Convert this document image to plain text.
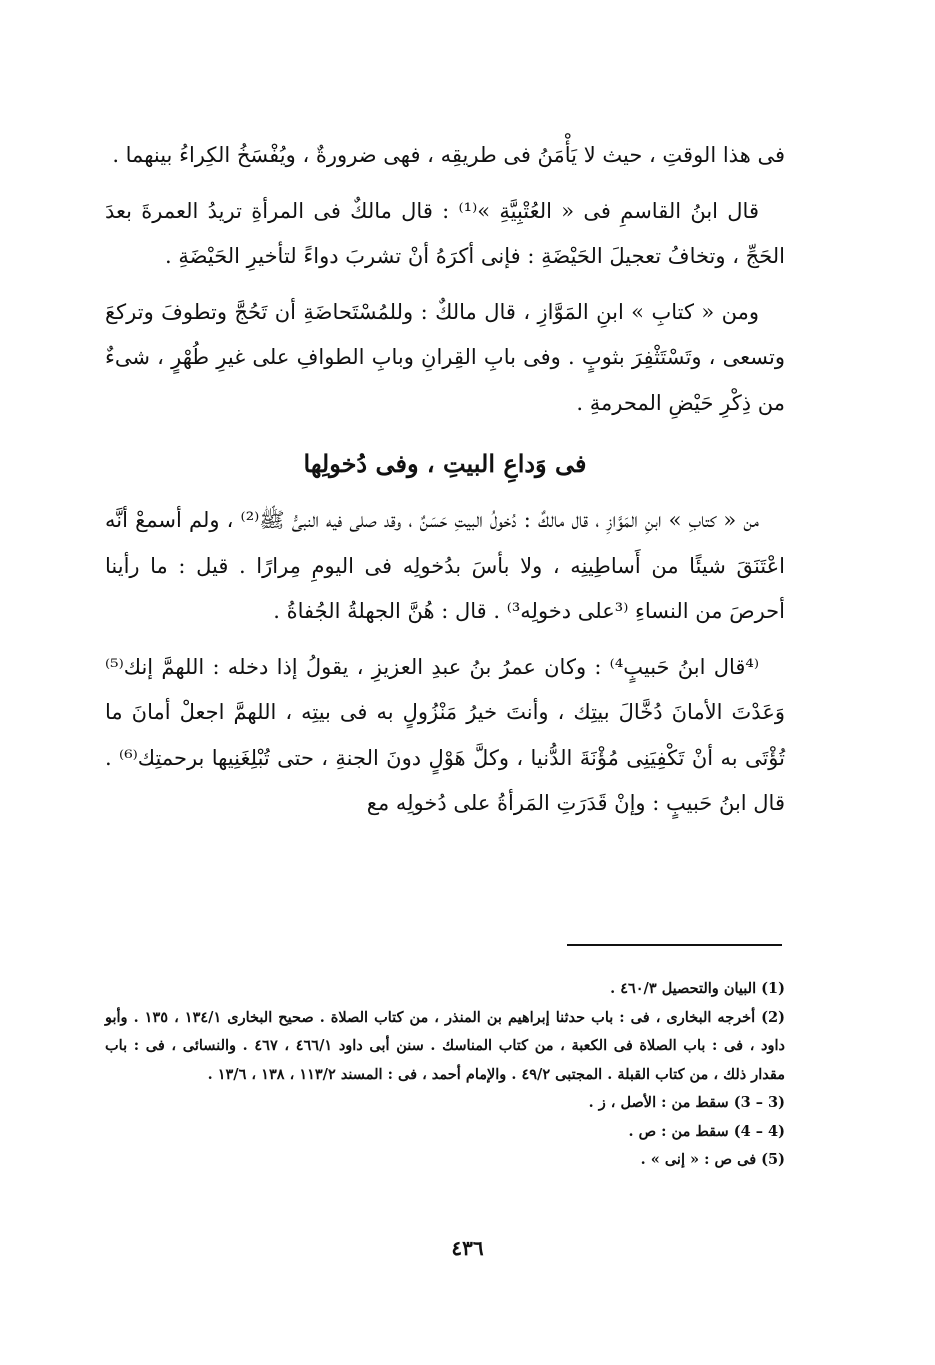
فى هذا الوقتِ ، حيث لا يَأْمَنُ فى طريقِه ، فهى ضرورةٌ ، ويُفْسَخُ الكِراءُ بينهما .

قال ابنُ القاسمِ فى « العُتْبِيَّةِ »⁽¹⁾ : قال مالكٌ فى المرأةِ تريدُ العمرةَ بعدَ الحَجِّ ، وتخافُ تعجيلَ الحَيْضَةِ : فإنى أكرَهُ أنْ تشربَ دواءً لتأخيرِ الحَيْضَةِ .

ومن « كتابِ » ابنِ المَوَّازِ ، قال مالكٌ : وللمُسْتَحاضَةِ أن تَحُجَّ وتطوفَ وتركعَ وتسعى ، وتَسْتَثْفِرَ بثوبٍ . وفى بابِ القِرانِ وبابِ الطوافِ على غيرِ طُهْرٍ ، شىءٌ من ذِكْرِ حَيْضِ المحرمةِ .

فى وَداعِ البيتِ ، وفى دُخولِها

من « كتابِ » ابنِ المَوَّازِ ، قال مالكٌ : دُخولُ البيتِ حَسَنٌ ، وقد صلى فيه النبىُّ ﷺ⁽²⁾ ، ولم أسمعْ أنَّه اعْتَنَقَ شيئًا من أَساطِينِه ، ولا بأسَ بدُخولِه فى اليومِ مِرارًا . قيل : ما رأينا أحرصَ من النساءِ ⁽³على دخولِه³⁾ . قال : هُنَّ الجهلةُ الجُفاةُ .

⁽⁴قال ابنُ حَبيبٍ⁴⁾ : وكان عمرُ بنُ عبدِ العزيزِ ، يقولُ إذا دخله : اللهمَّ إنك⁽⁵⁾ وَعَدْتَ الأمانَ دُخَّالَ بيتِك ، وأنتَ خيرُ مَنْزُولٍ به فى بيتِه ، اللهمَّ اجعلْ أمانَ ما تُؤْتَى به أنْ تَكْفِيَنِى مُؤْنَةَ الدُّنيا ، وكلَّ هَوْلٍ دونَ الجنةِ ، حتى تُبْلِغَنِيها برحمتِك⁽⁶⁾ . قال ابنُ حَبيبٍ : وإنْ قَدَرَتِ المَرأةُ على دُخولِه مع

(1) البيان والتحصيل ٤٦٠/٣ .

(2) أخرجه البخارى ، فى : باب حدثنا إبراهيم بن المنذر ، من كتاب الصلاة . صحيح البخارى ١٣٤/١ ، ١٣٥ . وأبو داود ، فى : باب الصلاة فى الكعبة ، من كتاب المناسك . سنن أبى داود ٤٦٦/١ ، ٤٦٧ . والنسائى ، فى : باب مقدار ذلك ، من كتاب القبلة . المجتبى ٤٩/٢ . والإمام أحمد ، فى : المسند ١١٣/٢ ، ١٣٨ ، ١٣/٦ .

(3 – 3) سقط من : الأصل ، ز .

(4 – 4) سقط من : ص .

(5) فى ص : « إنى » .

٤٣٦
